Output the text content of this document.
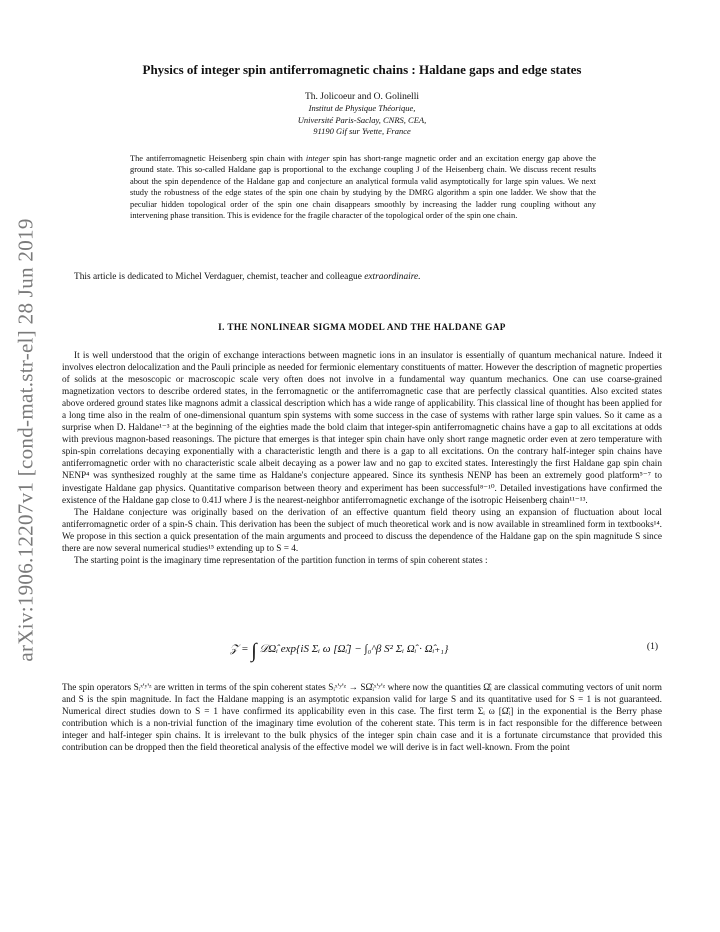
arXiv:1906.12207v1 [cond-mat.str-el] 28 Jun 2019
Physics of integer spin antiferromagnetic chains : Haldane gaps and edge states
Th. Jolicoeur and O. Golinelli
Institut de Physique Théorique,
Université Paris-Saclay, CNRS, CEA,
91190 Gif sur Yvette, France
The antiferromagnetic Heisenberg spin chain with integer spin has short-range magnetic order and an excitation energy gap above the ground state. This so-called Haldane gap is proportional to the exchange coupling J of the Heisenberg chain. We discuss recent results about the spin dependence of the Haldane gap and conjecture an analytical formula valid asymptotically for large spin values. We next study the robustness of the edge states of the spin one chain by studying by the DMRG algorithm a spin one ladder. We show that the peculiar hidden topological order of the spin one chain disappears smoothly by increasing the ladder rung coupling without any intervening phase transition. This is evidence for the fragile character of the topological order of the spin one chain.
This article is dedicated to Michel Verdaguer, chemist, teacher and colleague extraordinaire.
I. THE NONLINEAR SIGMA MODEL AND THE HALDANE GAP

It is well understood that the origin of exchange interactions between magnetic ions in an insulator is essentially of quantum mechanical nature. Indeed it involves electron delocalization and the Pauli principle as needed for fermionic elementary constituents of matter. However the description of magnetic properties of solids at the mesoscopic or macroscopic scale very often does not involve in a fundamental way quantum mechanics. One can use coarse-grained magnetization vectors to describe ordered states, in the ferromagnetic or the antiferromagnetic case that are perfectly classical quantities. Also excited states above ordered ground states like magnons admit a classical description which has a wide range of applicability. This classical line of thought has been applied for a long time also in the realm of one-dimensional quantum spin systems with some success in the case of systems with rather large spin values. So it came as a surprise when D. Haldane¹⁻³ at the beginning of the eighties made the bold claim that integer-spin antiferromagnetic chains have a gap to all excitations at odds with previous magnon-based reasonings. The picture that emerges is that integer spin chain have only short range magnetic order even at zero temperature with spin-spin correlations decaying exponentially with a characteristic length and there is a gap to all excitations. On the contrary half-integer spin chains have antiferromagnetic order with no characteristic scale albeit decaying as a power law and no gap to excited states. Interestingly the first Haldane gap spin chain NENP⁴ was synthesized roughly at the same time as Haldane's conjecture appeared. Since its synthesis NENP has been an extremely good platform⁵⁻⁷ to investigate Haldane gap physics. Quantitative comparison between theory and experiment has been successful⁸⁻¹⁰. Detailed investigations have confirmed the existence of the Haldane gap close to 0.41J where J is the nearest-neighbor antiferromagnetic exchange of the isotropic Heisenberg chain¹¹⁻¹³.

The Haldane conjecture was originally based on the derivation of an effective quantum field theory using an expansion of fluctuation about local antiferromagnetic order of a spin-S chain. This derivation has been the subject of much theoretical work and is now available in streamlined form in textbooks¹⁴. We propose in this section a quick presentation of the main arguments and proceed to discuss the dependence of the Haldane gap on the spin magnitude S since there are now several numerical studies¹⁵ extending up to S = 4.

The starting point is the imaginary time representation of the partition function in terms of spin coherent states :

𝒵 = ∫ 𝒟Ω̂ᵢ exp{iS Σᵢ ω [Ω̂ᵢ] − ∫₀^β S² Σᵢ Ω̂ᵢ · Ω̂ᵢ₊₁}	(1)

The spin operators Sᵢˣ'ʸ'ᶻ are written in terms of the spin coherent states Sᵢˣ'ʸ'ᶻ → SΩ̂ᵢˣ'ʸ'ᶻ where now the quantities Ω̂ᵢ are classical commuting vectors of unit norm and S is the spin magnitude. In fact the Haldane mapping is an asymptotic expansion valid for large S and its quantitative used for S = 1 is not guaranteed. Numerical direct studies down to S = 1 have confirmed its applicability even in this case. The first term Σᵢ ω [Ω̂ᵢ] in the exponential is the Berry phase contribution which is a non-trivial function of the imaginary time evolution of the coherent state. This term is in fact responsible for the difference between integer and half-integer spin chains. It is irrelevant to the bulk physics of the integer spin chain case and it is a fortunate circumstance that provided this contribution can be dropped then the field theoretical analysis of the effective model we will derive is in fact well-known. From the point
